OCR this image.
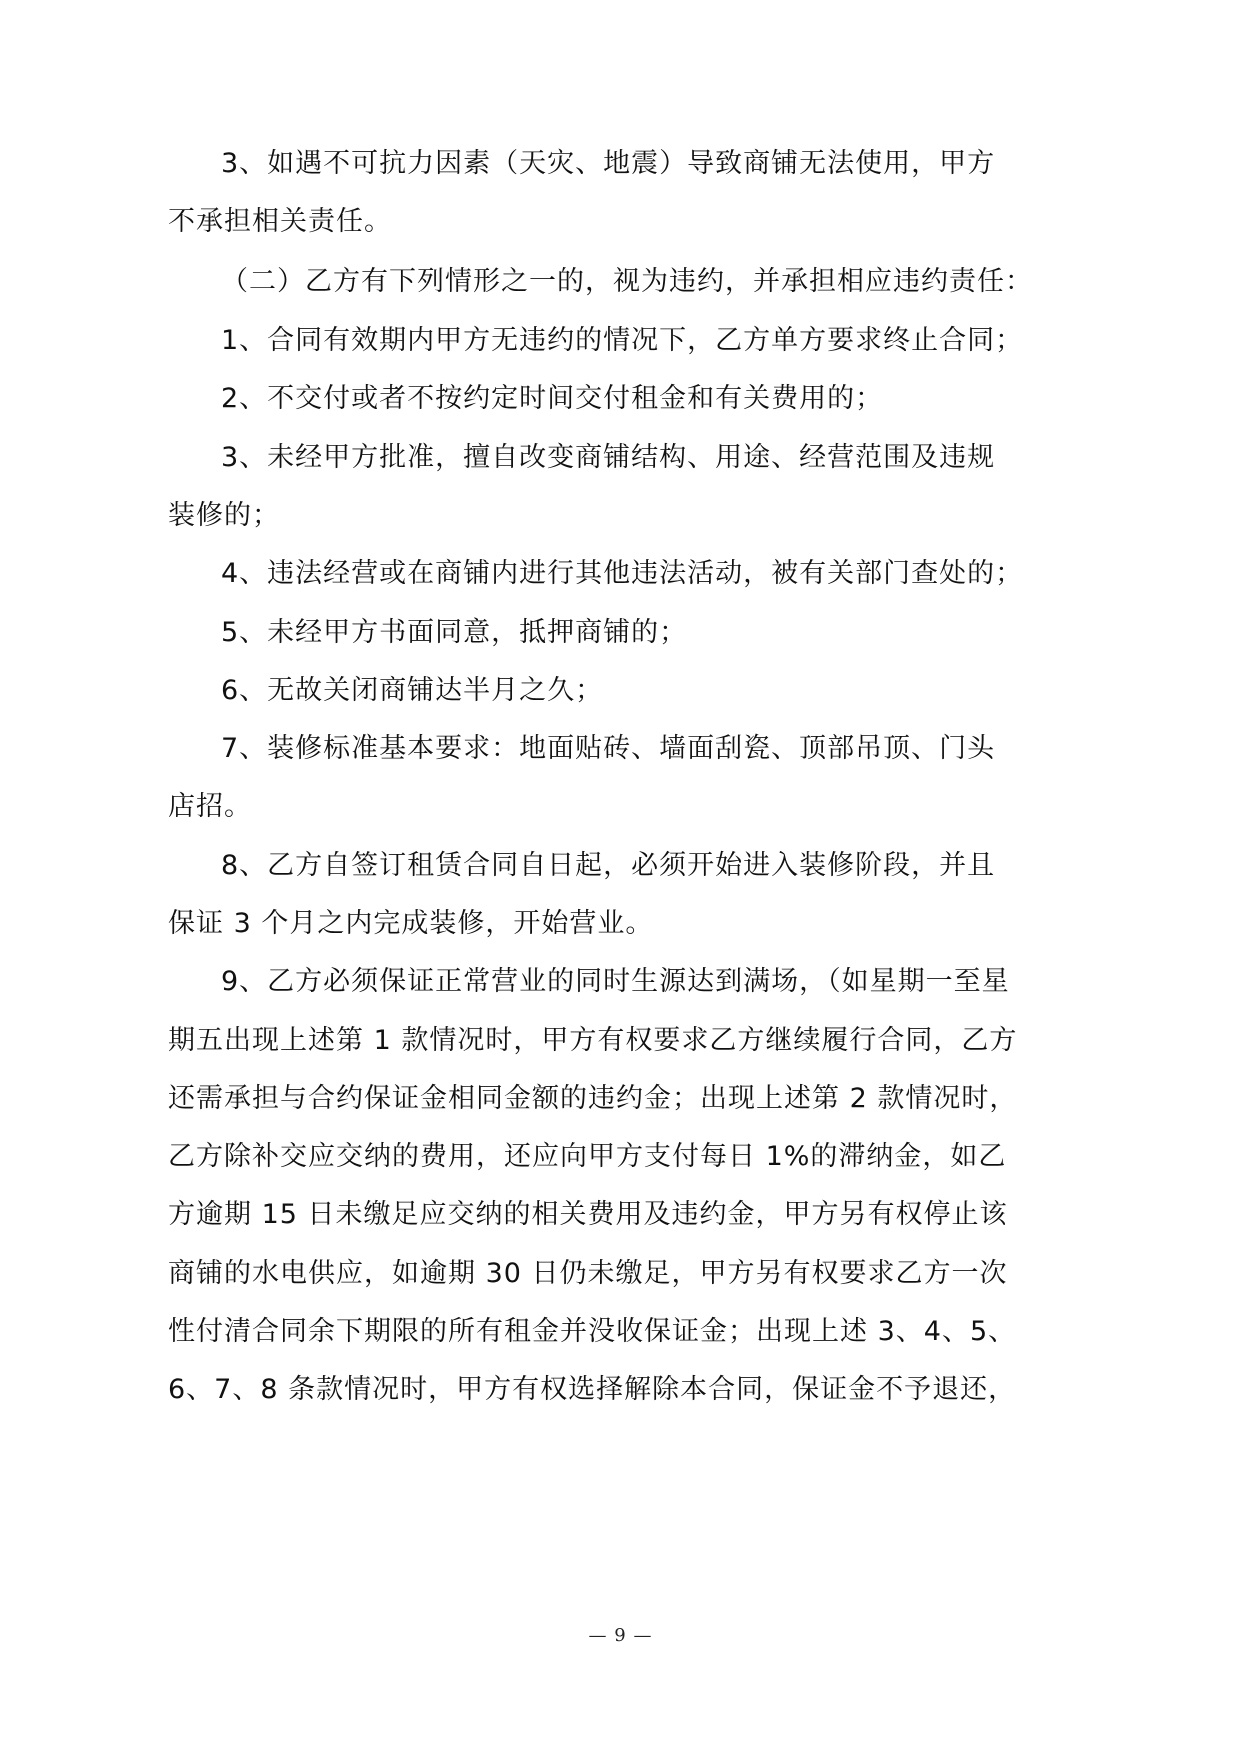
3、如遇不可抗力因素（天灾、地震）导致商铺无法使用，甲方
不承担相关责任。
（二）乙方有下列情形之一的，视为违约，并承担相应违约责任：
1、合同有效期内甲方无违约的情况下，乙方单方要求终止合同；
2、不交付或者不按约定时间交付租金和有关费用的；
3、未经甲方批准，擅自改变商铺结构、用途、经营范围及违规
装修的；
4、违法经营或在商铺内进行其他违法活动，被有关部门查处的；
5、未经甲方书面同意，抵押商铺的；
6、无故关闭商铺达半月之久；
7、装修标准基本要求：地面贴砖、墙面刮瓷、顶部吊顶、门头
店招。
8、乙方自签订租赁合同自日起，必须开始进入装修阶段，并且
保证 3 个月之内完成装修，开始营业。
9、乙方必须保证正常营业的同时生源达到满场，（如星期一至星
期五出现上述第 1 款情况时，甲方有权要求乙方继续履行合同，乙方
还需承担与合约保证金相同金额的违约金；出现上述第 2 款情况时，
乙方除补交应交纳的费用，还应向甲方支付每日 1%的滞纳金，如乙
方逾期 15 日未缴足应交纳的相关费用及违约金，甲方另有权停止该
商铺的水电供应，如逾期 30 日仍未缴足，甲方另有权要求乙方一次
性付清合同余下期限的所有租金并没收保证金；出现上述 3、4、5、
6、7、8 条款情况时，甲方有权选择解除本合同，保证金不予退还，
— 9 —
